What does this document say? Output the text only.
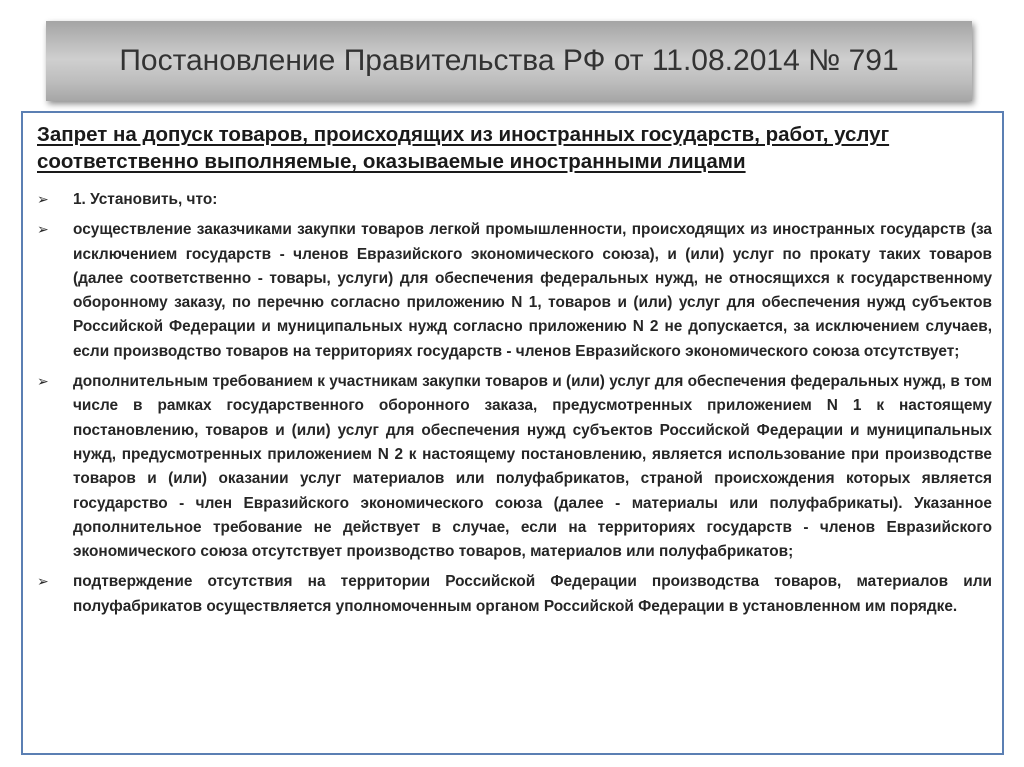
Постановление Правительства РФ от 11.08.2014 № 791
Запрет на допуск товаров, происходящих из иностранных государств, работ, услуг соответственно выполняемые, оказываемые иностранными лицами
➢ 1. Установить, что:
➢ осуществление заказчиками закупки товаров легкой промышленности, происходящих из иностранных государств (за исключением государств - членов Евразийского экономического союза), и (или) услуг по прокату таких товаров (далее соответственно - товары, услуги) для обеспечения федеральных нужд, не относящихся к государственному оборонному заказу, по перечню согласно приложению N 1, товаров и (или) услуг для обеспечения нужд субъектов Российской Федерации и муниципальных нужд согласно приложению N 2 не допускается, за исключением случаев, если производство товаров на территориях государств - членов Евразийского экономического союза отсутствует;
➢ дополнительным требованием к участникам закупки товаров и (или) услуг для обеспечения федеральных нужд, в том числе в рамках государственного оборонного заказа, предусмотренных приложением N 1 к настоящему постановлению, товаров и (или) услуг для обеспечения нужд субъектов Российской Федерации и муниципальных нужд, предусмотренных приложением N 2 к настоящему постановлению, является использование при производстве товаров и (или) оказании услуг материалов или полуфабрикатов, страной происхождения которых является государство - член Евразийского экономического союза (далее - материалы или полуфабрикаты). Указанное дополнительное требование не действует в случае, если на территориях государств - членов Евразийского экономического союза отсутствует производство товаров, материалов или полуфабрикатов;
➢ подтверждение отсутствия на территории Российской Федерации производства товаров, материалов или полуфабрикатов осуществляется уполномоченным органом Российской Федерации в установленном им порядке.
